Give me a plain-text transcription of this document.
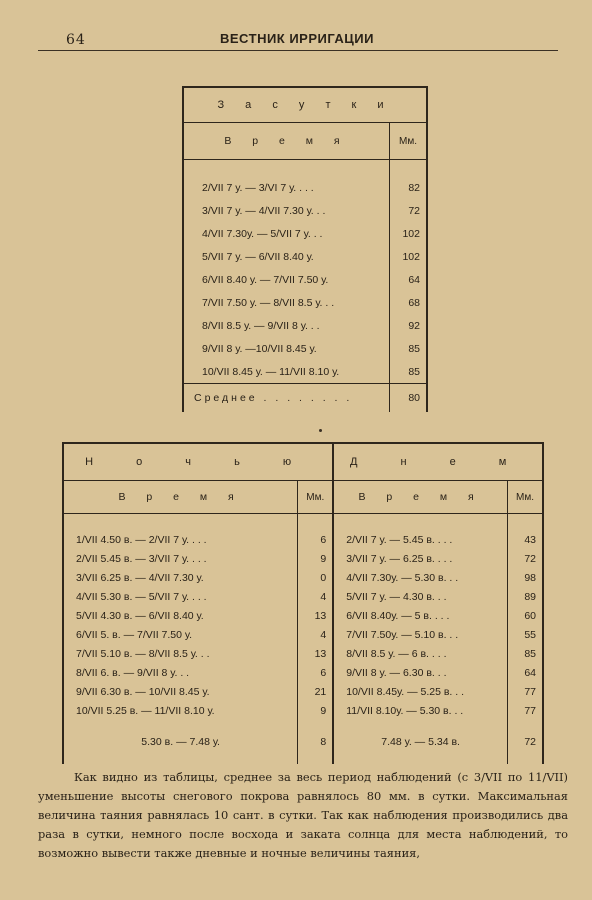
64	ВЕСТНИК ИРРИГАЦИИ
З а с у т к и	
В р е м я	Мм.

2/VII 7 у. — 3/VI 7 у. . . .	82
3/VII 7 у. — 4/VII 7.30 у. . .	72
4/VII 7.30у. — 5/VII 7 у. . .	102
5/VII 7 у. — 6/VII 8.40 у.	102
6/VII 8.40 у. — 7/VII 7.50 у.	64
7/VII 7.50 у. — 8/VII 8.5 у. . .	68
8/VII 8.5 у. — 9/VII 8 у. . .	92
9/VII 8 у. —10/VII 8.45 у.	85
10/VII 8.45 у. — 11/VII 8.10 у.	85
Среднее . . . . . . . .	80
Н о ч ь ю		Д н е м	
В р е м я	Мм.	В р е м я	Мм.

1/VII 4.50 в. — 2/VII 7 у. . . .	6	2/VII 7 у. — 5.45 в. . . .	43
2/VII 5.45 в. — 3/VII 7 у. . . .	9	3/VII 7 у. — 6.25 в. . . .	72
3/VII 6.25 в. — 4/VII 7.30 у.	0	4/VII 7.30у. — 5.30 в. . .	98
4/VII 5.30 в. — 5/VII 7 у. . . .	4	5/VII 7 у. — 4.30 в. . .	89
5/VII 4.30 в. — 6/VII 8.40 у.	13	6/VII 8.40у. — 5 в. . . .	60
6/VII 5. в. — 7/VII 7.50 у.	4	7/VII 7.50у. — 5.10 в. . .	55
7/VII 5.10 в. — 8/VII 8.5 у. . .	13	8/VII 8.5 у. — 6 в. . . .	85
8/VII 6. в. — 9/VII 8 у. . .	6	9/VII 8 у. — 6.30 в. . .	64
9/VII 6.30 в. — 10/VII 8.45 у.	21	10/VII 8.45у. — 5.25 в. . .	77
10/VII 5.25 в. — 11/VII 8.10 у.	9	11/VII 8.10у. — 5.30 в. . .	77
5.30 в. — 7.48 у.	8	7.48 у. — 5.34 в.	72

Как видно из таблицы, среднее за весь период наблюдений (с 3/VII по 11/VII) уменьшение высоты снегового покрова равнялось 80 мм. в сутки. Максимальная величина таяния равнялась 10 сант. в сутки. Так как наблюдения производились два раза в сутки, немного после восхода и заката солнца для места наблюдений, то возможно вывести также дневные и ночные величины таяния,
